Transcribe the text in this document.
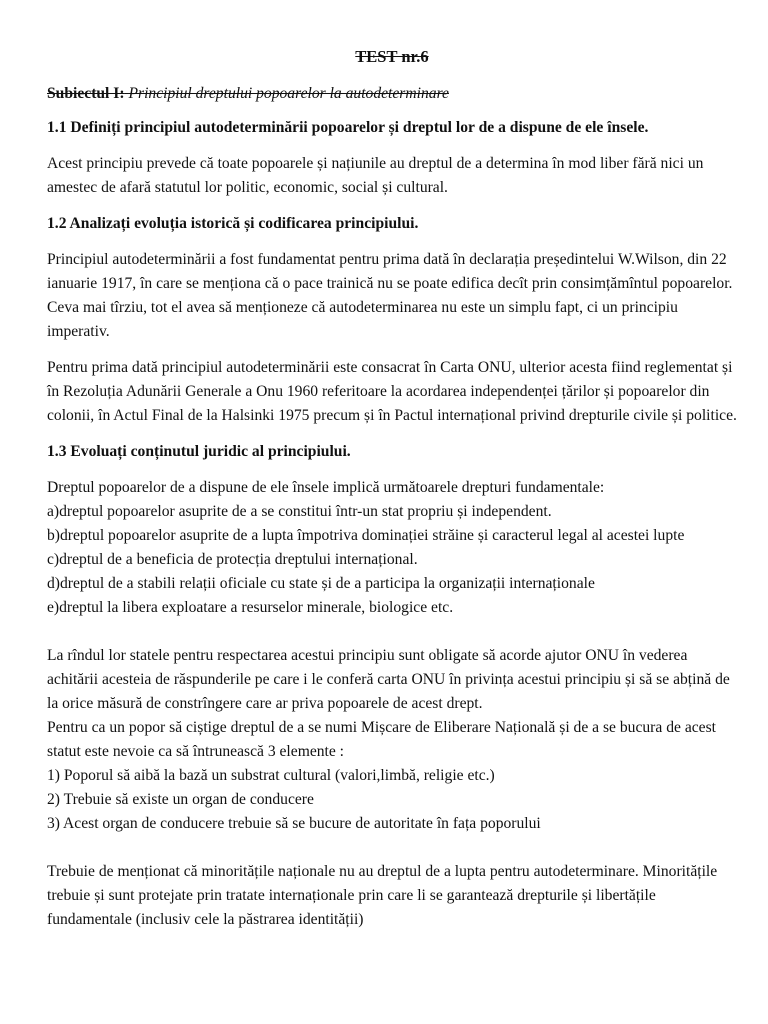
TEST nr.6
Subiectul I: Principiul dreptului popoarelor la autodeterminare
1.1 Definiți principiul autodeterminării popoarelor și dreptul lor de a dispune de ele însele.

Acest principiu prevede că toate popoarele și națiunile au dreptul de a determina în mod liber fără nici un amestec de afară statutul lor politic, economic, social și cultural.

1.2 Analizați evoluția istorică și codificarea principiului.

Principiul autodeterminării a fost fundamentat pentru prima dată în declarația președintelui W.Wilson, din 22 ianuarie 1917, în care se menționa că o pace trainică nu se poate edifica decît prin consimțămîntul popoarelor. Ceva mai tîrziu, tot el avea să menționeze că autodeterminarea nu este un simplu fapt, ci un principiu imperativ.

Pentru prima dată principiul autodeterminării este consacrat în Carta ONU, ulterior acesta fiind reglementat și în Rezoluția Adunării Generale a Onu 1960 referitoare la acordarea independenței țărilor și popoarelor din colonii, în Actul Final de la Halsinki 1975 precum și în Pactul internațional privind drepturile civile și politice.

1.3 Evoluați conținutul juridic al principiului.
Dreptul popoarelor de a dispune de ele însele implică următoarele drepturi fundamentale:
a)dreptul popoarelor asuprite de a se constitui într-un stat propriu și independent.
b)dreptul popoarelor asuprite de a lupta împotriva dominației străine și caracterul legal al acestei lupte
c)dreptul de a beneficia de protecția dreptului internațional.
d)dreptul de a stabili relații oficiale cu state și de a participa la organizații internaționale
e)dreptul la libera exploatare a resurselor minerale, biologice etc.
La rîndul lor statele pentru respectarea acestui principiu sunt obligate să acorde ajutor ONU în vederea achitării acesteia de răspunderile pe care i le conferă carta ONU în privința acestui principiu și să se abțină de la orice măsură de constrîngere care ar priva popoarele de acest drept.
Pentru ca un popor să ciștige dreptul de a se numi Mișcare de Eliberare Națională și de a se bucura de acest statut este nevoie ca să întrunească 3 elemente :
1) Poporul să aibă la bază un substrat cultural (valori,limbă, religie etc.)
2) Trebuie să existe un organ de conducere
3) Acest organ de conducere trebuie să se bucure de autoritate în fața poporului
Trebuie de menționat că minoritățile naționale nu au dreptul de a lupta pentru autodeterminare. Minoritățile trebuie și sunt protejate prin tratate internaționale prin care li se garantează drepturile și libertățile fundamentale (inclusiv cele la păstrarea identității)
